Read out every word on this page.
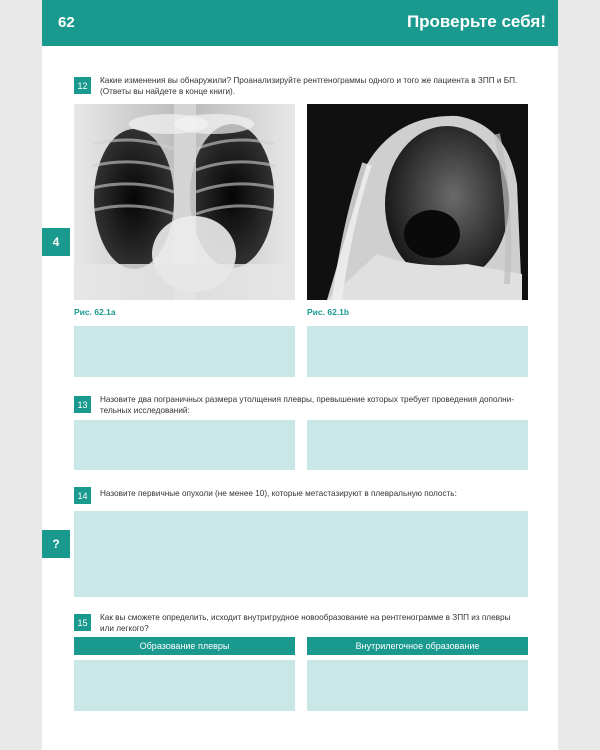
62	Проверьте себя!
12	Какие изменения вы обнаружили? Проанализируйте рентгенограммы одного и того же пациента в ЗПП и БП.
(Ответы вы найдете в конце книги).
Рис. 62.1a	Рис. 62.1b
13	Назовите два пограничных размера утолщения плевры, превышение которых требует проведения дополни-
тельных исследований:
14	Назовите первичные опухоли (не менее 10), которые метастазируют в плевральную полость:
15	Как вы сможете определить, исходит внутригрудное новообразование на рентгенограмме в ЗПП из плевры
или легкого?
Образование плевры	Внутрилегочное образование
4
?
